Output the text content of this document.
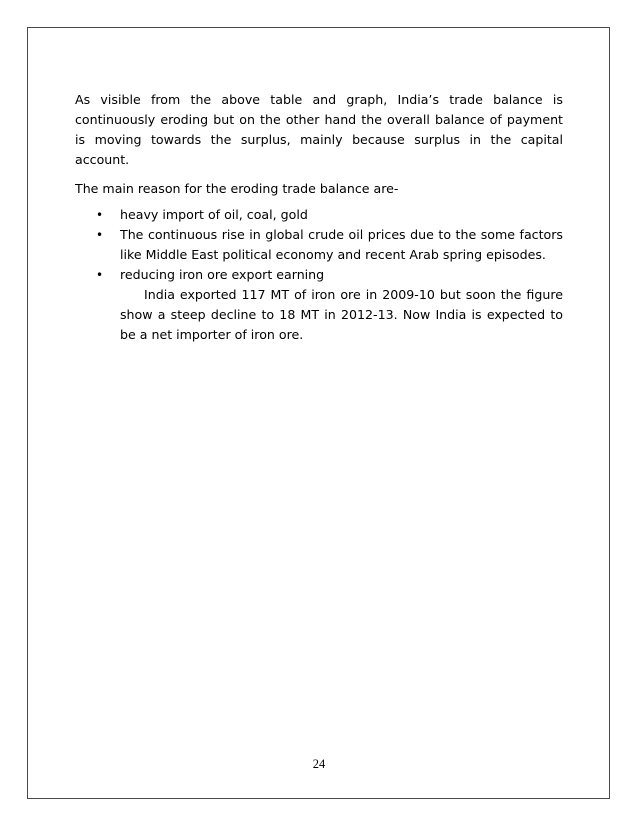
As visible from the above table and graph, India’s trade balance is

continuously eroding but on the other hand the overall balance of payment is moving towards the surplus, mainly because surplus in the capital account.

The main reason for the eroding trade balance are-

• heavy import of oil, coal, gold
• The continuous rise in global crude oil prices due to the some factors like Middle East political economy and recent Arab spring episodes.
• reducing iron ore export earning
India exported 117 MT of iron ore in 2009-10 but soon the figure show a steep decline to 18 MT in 2012-13. Now India is expected to be a net importer of iron ore.
24
